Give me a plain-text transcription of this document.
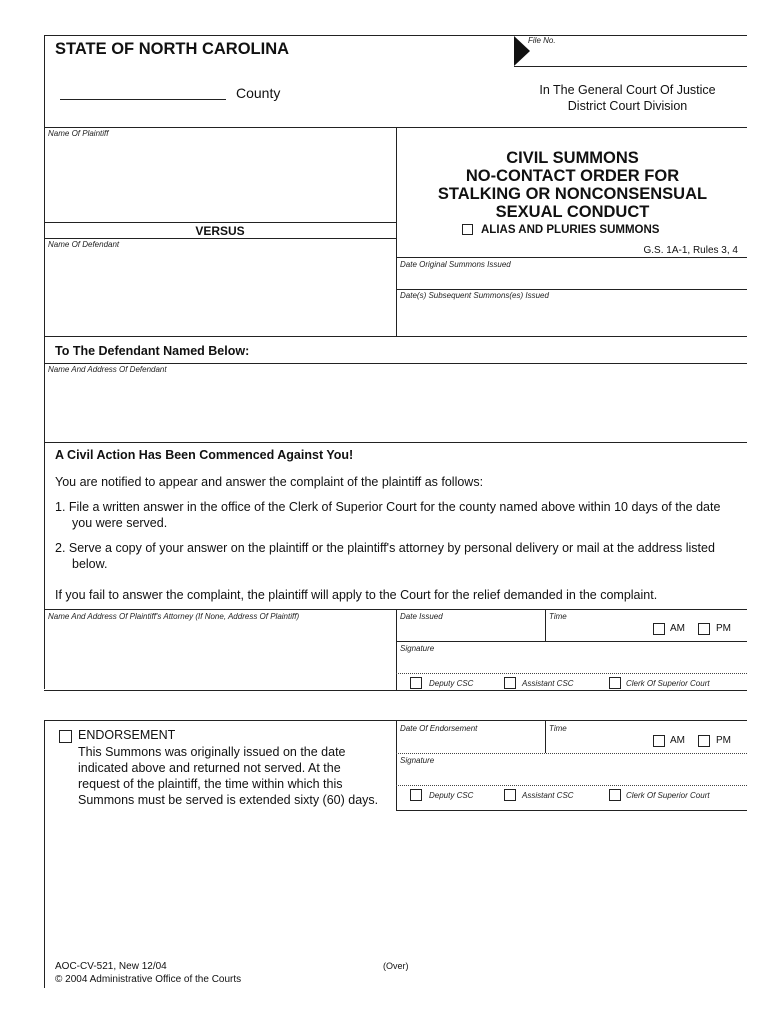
STATE OF NORTH CAROLINA
County
File No.
In The General Court Of Justice
District Court Division
Name Of Plaintiff
VERSUS
Name Of Defendant
CIVIL SUMMONS
NO-CONTACT ORDER FOR
STALKING OR NONCONSENSUAL
SEXUAL CONDUCT
ALIAS AND PLURIES SUMMONS
G.S. 1A-1, Rules 3, 4
Date Original Summons Issued
Date(s) Subsequent Summons(es) Issued
To The Defendant Named Below:
Name And Address Of Defendant
A Civil Action Has Been Commenced Against You!
You are notified to appear and answer the complaint of the plaintiff as follows:
1. File a written answer in the office of the Clerk of Superior Court for the county named above within 10 days of the date
you were served.
2. Serve a copy of your answer on the plaintiff or the plaintiff's attorney by personal delivery or mail at the address listed
below.
If you fail to answer the complaint, the plaintiff will apply to the Court for the relief demanded in the complaint.
Name And Address Of Plaintiff's Attorney (If None, Address Of Plaintiff)	Date Issued	Time
AM	PM
Signature
Deputy CSC	Assistant CSC	Clerk Of Superior Court
ENDORSEMENT
This Summons was originally issued on the date
indicated above and returned not served. At the
request of the plaintiff, the time within which this
Summons must be served is extended sixty (60) days.
Date Of Endorsement	Time
AM	PM
Signature
Deputy CSC	Assistant CSC	Clerk Of Superior Court
AOC-CV-521, New 12/04
© 2004 Administrative Office of the Courts
(Over)
